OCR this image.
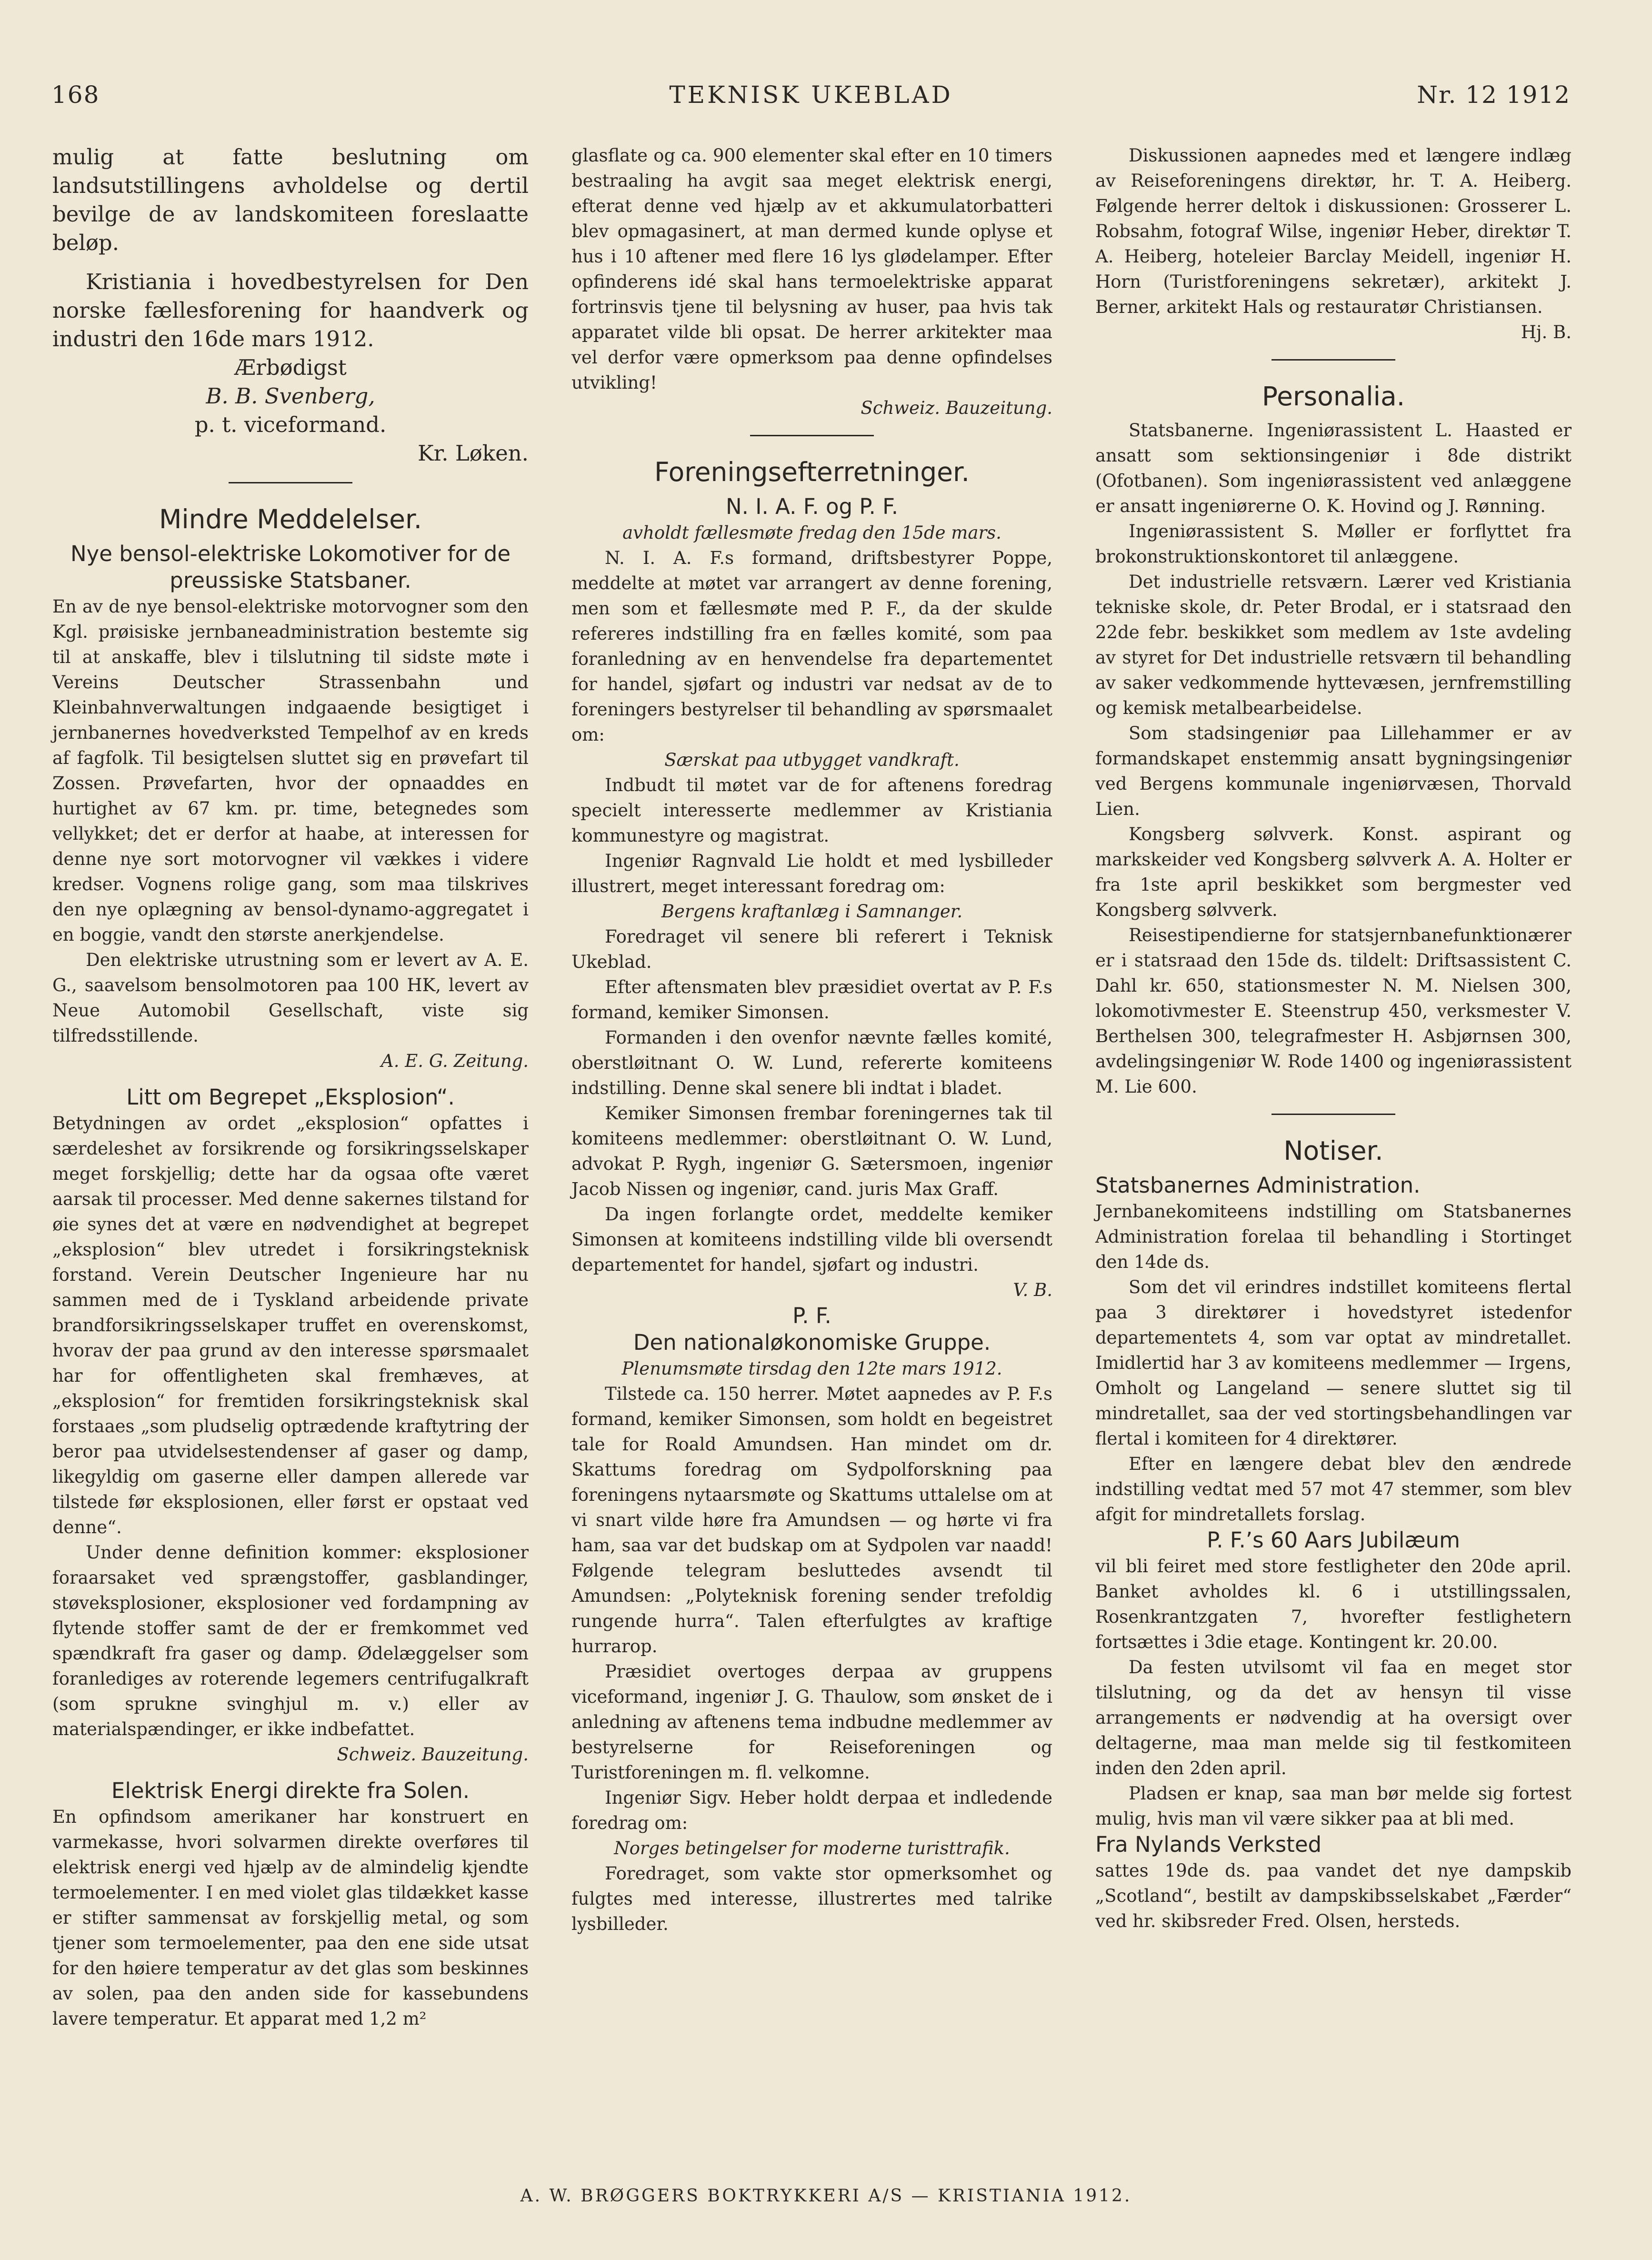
168	TEKNISK UKEBLAD	Nr. 12 1912

mulig at fatte beslutning om landsutstillingens avholdelse og dertil bevilge de av landskomiteen foreslaatte beløp.

Kristiania i hovedbestyrelsen for Den norske fællesforening for haandverk og industri den 16de mars 1912.

Ærbødigst

B. B. Svenberg,

p. t. viceformand.

Kr. Løken.

Mindre Meddelelser.

Nye bensol-elektriske Lokomotiver for de preussiske Statsbaner.

En av de nye bensol-elektriske motorvogner som den Kgl. prøisiske jernbaneadministration bestemte sig til at anskaffe, blev i tilslutning til sidste møte i Vereins Deutscher Strassenbahn und Kleinbahnverwaltungen indgaaende besigtiget i jernbanernes hovedverksted Tempelhof av en kreds af fagfolk. Til besigtelsen sluttet sig en prøvefart til Zossen. Prøvefarten, hvor der opnaaddes en hurtighet av 67 km. pr. time, betegnedes som vellykket; det er derfor at haabe, at interessen for denne nye sort motorvogner vil vækkes i videre kredser. Vognens rolige gang, som maa tilskrives den nye oplægning av bensol-dynamo-aggregatet i en boggie, vandt den største anerkjendelse.

Den elektriske utrustning som er levert av A. E. G., saavelsom bensolmotoren paa 100 HK, levert av Neue Automobil Gesellschaft, viste sig tilfredsstillende.

A. E. G. Zeitung.

Litt om Begrepet „Eksplosion“.

Betydningen av ordet „eksplosion“ opfattes i særdeleshet av forsikrende og forsikringsselskaper meget forskjellig; dette har da ogsaa ofte været aarsak til processer. Med denne sakernes tilstand for øie synes det at være en nødvendighet at begrepet „eksplosion“ blev utredet i forsikringsteknisk forstand. Verein Deutscher Ingenieure har nu sammen med de i Tyskland arbeidende private brandforsikringsselskaper truffet en overenskomst, hvorav der paa grund av den interesse spørsmaalet har for offentligheten skal fremhæves, at „eksplosion“ for fremtiden forsikringsteknisk skal forstaaes „som pludselig optrædende kraftytring der beror paa utvidelsestendenser af gaser og damp, likegyldig om gaserne eller dampen allerede var tilstede før eksplosionen, eller først er opstaat ved denne“.

Under denne definition kommer: eksplosioner foraarsaket ved sprængstoffer, gasblandinger, støveksplosioner, eksplosioner ved fordampning av flytende stoffer samt de der er fremkommet ved spændkraft fra gaser og damp. Ødelæggelser som foranlediges av roterende legemers centrifugalkraft (som sprukne svinghjul m. v.) eller av materialspændinger, er ikke indbefattet.

Schweiz. Bauzeitung.

Elektrisk Energi direkte fra Solen.

En opfindsom amerikaner har konstruert en varmekasse, hvori solvarmen direkte overføres til elektrisk energi ved hjælp av de almindelig kjendte termoelementer. I en med violet glas tildækket kasse er stifter sammensat av forskjellig metal, og som tjener som termoelementer, paa den ene side utsat for den høiere temperatur av det glas som beskinnes av solen, paa den anden side for kassebundens lavere temperatur. Et apparat med 1,2 m²

glasflate og ca. 900 elementer skal efter en 10 timers bestraaling ha avgit saa meget elektrisk energi, efterat denne ved hjælp av et akkumulatorbatteri blev opmagasinert, at man dermed kunde oplyse et hus i 10 aftener med flere 16 lys glødelamper. Efter opfinderens idé skal hans termoelektriske apparat fortrinsvis tjene til belysning av huser, paa hvis tak apparatet vilde bli opsat. De herrer arkitekter maa vel derfor være opmerksom paa denne opfindelses utvikling!

Schweiz. Bauzeitung.

Foreningsefterretninger.

N. I. A. F. og P. F.

avholdt fællesmøte fredag den 15de mars.

N. I. A. F.s formand, driftsbestyrer Poppe, meddelte at møtet var arrangert av denne forening, men som et fællesmøte med P. F., da der skulde refereres indstilling fra en fælles komité, som paa foranledning av en henvendelse fra departementet for handel, sjøfart og industri var nedsat av de to foreningers bestyrelser til behandling av spørsmaalet om:

Særskat paa utbygget vandkraft.

Indbudt til møtet var de for aftenens foredrag specielt interesserte medlemmer av Kristiania kommunestyre og magistrat.

Ingeniør Ragnvald Lie holdt et med lysbilleder illustrert, meget interessant foredrag om:

Bergens kraftanlæg i Samnanger.

Foredraget vil senere bli referert i Teknisk Ukeblad.

Efter aftensmaten blev præsidiet overtat av P. F.s formand, kemiker Simonsen.

Formanden i den ovenfor nævnte fælles komité, oberstløitnant O. W. Lund, refererte komiteens indstilling. Denne skal senere bli indtat i bladet.

Kemiker Simonsen frembar foreningernes tak til komiteens medlemmer: oberstløitnant O. W. Lund, advokat P. Rygh, ingeniør G. Sætersmoen, ingeniør Jacob Nissen og ingeniør, cand. juris Max Graff.

Da ingen forlangte ordet, meddelte kemiker Simonsen at komiteens indstilling vilde bli oversendt departementet for handel, sjøfart og industri.

V. B.

P. F.

Den nationaløkonomiske Gruppe.

Plenumsmøte tirsdag den 12te mars 1912.

Tilstede ca. 150 herrer. Møtet aapnedes av P. F.s formand, kemiker Simonsen, som holdt en begeistret tale for Roald Amundsen. Han mindet om dr. Skattums foredrag om Sydpolforskning paa foreningens nytaarsmøte og Skattums uttalelse om at vi snart vilde høre fra Amundsen — og hørte vi fra ham, saa var det budskap om at Sydpolen var naadd! Følgende telegram besluttedes avsendt til Amundsen: „Polyteknisk forening sender trefoldig rungende hurra“. Talen efterfulgtes av kraftige hurrarop.

Præsidiet overtoges derpaa av gruppens viceformand, ingeniør J. G. Thaulow, som ønsket de i anledning av aftenens tema indbudne medlemmer av bestyrelserne for Reiseforeningen og Turistforeningen m. fl. velkomne.

Ingeniør Sigv. Heber holdt derpaa et indledende foredrag om:

Norges betingelser for moderne turisttrafik.

Foredraget, som vakte stor opmerksomhet og fulgtes med interesse, illustrertes med talrike lysbilleder.

Diskussionen aapnedes med et længere indlæg av Reiseforeningens direktør, hr. T. A. Heiberg. Følgende herrer deltok i diskussionen: Grosserer L. Robsahm, fotograf Wilse, ingeniør Heber, direktør T. A. Heiberg, hoteleier Barclay Meidell, ingeniør H. Horn (Turistforeningens sekretær), arkitekt J. Berner, arkitekt Hals og restauratør Christiansen.

Hj. B.

Personalia.

Statsbanerne. Ingeniørassistent L. Haasted er ansatt som sektionsingeniør i 8de distrikt (Ofotbanen). Som ingeniørassistent ved anlæggene er ansatt ingeniørerne O. K. Hovind og J. Rønning.

Ingeniørassistent S. Møller er forflyttet fra brokonstruktionskontoret til anlæggene.

Det industrielle retsværn. Lærer ved Kristiania tekniske skole, dr. Peter Brodal, er i statsraad den 22de febr. beskikket som medlem av 1ste avdeling av styret for Det industrielle retsværn til behandling av saker vedkommende hyttevæsen, jernfremstilling og kemisk metalbearbeidelse.

Som stadsingeniør paa Lillehammer er av formandskapet enstemmig ansatt bygningsingeniør ved Bergens kommunale ingeniørvæsen, Thorvald Lien.

Kongsberg sølvverk. Konst. aspirant og markskeider ved Kongsberg sølvverk A. A. Holter er fra 1ste april beskikket som bergmester ved Kongsberg sølvverk.

Reisestipendierne for statsjernbanefunktionærer er i statsraad den 15de ds. tildelt: Driftsassistent C. Dahl kr. 650, stationsmester N. M. Nielsen 300, lokomotivmester E. Steenstrup 450, verksmester V. Berthelsen 300, telegrafmester H. Asbjørnsen 300, avdelingsingeniør W. Rode 1400 og ingeniørassistent M. Lie 600.

Notiser.

Statsbanernes Administration.

Jernbanekomiteens indstilling om Statsbanernes Administration forelaa til behandling i Stortinget den 14de ds.

Som det vil erindres indstillet komiteens flertal paa 3 direktører i hovedstyret istedenfor departementets 4, som var optat av mindretallet. Imidlertid har 3 av komiteens medlemmer — Irgens, Omholt og Langeland — senere sluttet sig til mindretallet, saa der ved stortingsbehandlingen var flertal i komiteen for 4 direktører.

Efter en længere debat blev den ændrede indstilling vedtat med 57 mot 47 stemmer, som blev afgit for mindretallets forslag.

P. F.’s 60 Aars Jubilæum

vil bli feiret med store festligheter den 20de april. Banket avholdes kl. 6 i utstillingssalen, Rosenkrantzgaten 7, hvorefter festlighetern fortsættes i 3die etage. Kontingent kr. 20.00.

Da festen utvilsomt vil faa en meget stor tilslutning, og da det av hensyn til visse arrangements er nødvendig at ha oversigt over deltagerne, maa man melde sig til festkomiteen inden den 2den april.

Pladsen er knap, saa man bør melde sig fortest mulig, hvis man vil være sikker paa at bli med.

Fra Nylands Verksted

sattes 19de ds. paa vandet det nye dampskib „Scotland“, bestilt av dampskibsselskabet „Færder“ ved hr. skibsreder Fred. Olsen, hersteds.

A. W. BRØGGERS BOKTRYKKERI A/S — KRISTIANIA 1912.
